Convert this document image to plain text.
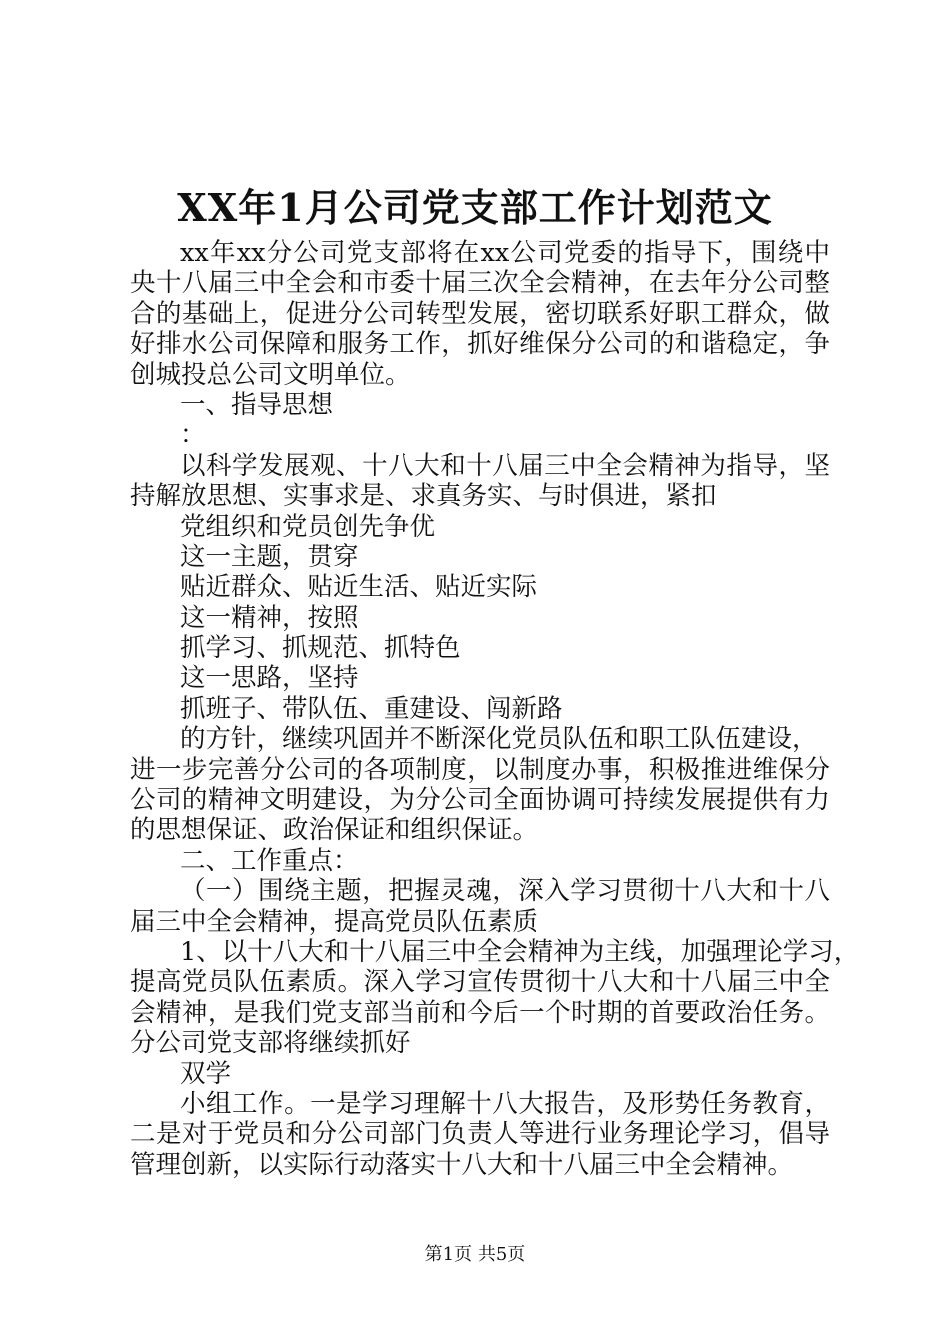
XX年1月公司党支部工作计划范文
xx年xx分公司党支部将在xx公司党委的指导下，围绕中
央十八届三中全会和市委十届三次全会精神，在去年分公司整
合的基础上，促进分公司转型发展，密切联系好职工群众，做
好排水公司保障和服务工作，抓好维保分公司的和谐稳定，争
创城投总公司文明单位。
一、指导思想
：
以科学发展观、十八大和十八届三中全会精神为指导，坚
持解放思想、实事求是、求真务实、与时俱进，紧扣
党组织和党员创先争优
这一主题，贯穿
贴近群众、贴近生活、贴近实际
这一精神，按照
抓学习、抓规范、抓特色
这一思路，坚持
抓班子、带队伍、重建设、闯新路
的方针，继续巩固并不断深化党员队伍和职工队伍建设，
进一步完善分公司的各项制度，以制度办事，积极推进维保分
公司的精神文明建设，为分公司全面协调可持续发展提供有力
的思想保证、政治保证和组织保证。
二、工作重点：
（一）围绕主题，把握灵魂，深入学习贯彻十八大和十八
届三中全会精神，提高党员队伍素质
1、以十八大和十八届三中全会精神为主线，加强理论学习，
提高党员队伍素质。深入学习宣传贯彻十八大和十八届三中全
会精神，是我们党支部当前和今后一个时期的首要政治任务。
分公司党支部将继续抓好
双学
小组工作。一是学习理解十八大报告，及形势任务教育，
二是对于党员和分公司部门负责人等进行业务理论学习，倡导
管理创新，以实际行动落实十八大和十八届三中全会精神。
第1页 共5页
